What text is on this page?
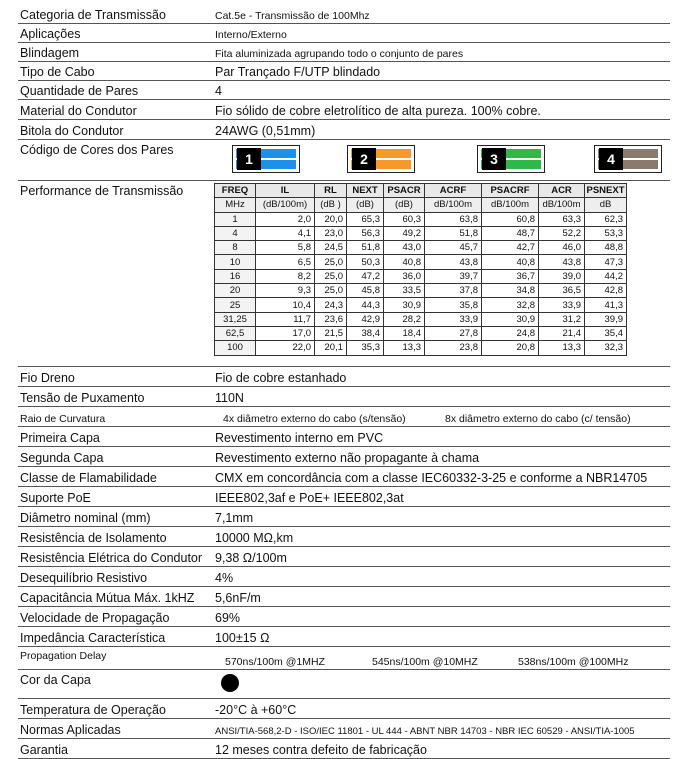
Categoria de Transmissão	Cat.5e - Transmissão de 100Mhz
Aplicações	Interno/Externo
Blindagem	Fita aluminizada agrupando todo o conjunto de pares
Tipo de Cabo	Par Trançado F/UTP blindado
Quantidade de Pares	4
Material do Condutor	Fio sólido de cobre eletrolítico de alta pureza. 100% cobre.
Bitola do Condutor	24AWG (0,51mm)
Código de Cores dos Pares
1	2	3	4
Performance de Transmissão	FREQ	IL	RL	NEXT	PSACR	ACRF	PSACRF	ACR	PSNEXT
MHz	(dB/100m)	(dB )	(dB)	(dB)	dB/100m	dB/100m	dB/100m	dB
1	2,0	20,0	65,3	60,3	63,8	60,8	63,3	62,3
4	4,1	23,0	56,3	49,2	51,8	48,7	52,2	53,3
8	5,8	24,5	51,8	43,0	45,7	42,7	46,0	48,8
10	6,5	25,0	50,3	40,8	43,8	40,8	43,8	47,3
16	8,2	25,0	47,2	36,0	39,7	36,7	39,0	44,2
20	9,3	25,0	45,8	33,5	37,8	34,8	36,5	42,8
25	10,4	24,3	44,3	30,9	35,8	32,8	33,9	41,3
31,25	11,7	23,6	42,9	28,2	33,9	30,9	31,2	39,9
62,5	17,0	21,5	38,4	18,4	27,8	24,8	21,4	35,4
100	22,0	20,1	35,3	13,3	23,8	20,8	13,3	32,3
Fio Dreno	Fio de cobre estanhado
Tensão de Puxamento	110N
Raio de Curvatura	4x diâmetro externo do cabo (s/tensão)	8x diâmetro externo do cabo (c/ tensão)
Primeira Capa	Revestimento interno em PVC
Segunda Capa	Revestimento externo não propagante à chama
Classe de Flamabilidade	CMX em concordância com a classe IEC60332-3-25 e conforme a NBR14705
Suporte PoE	IEEE802,3af e PoE+ IEEE802,3at
Diâmetro nominal (mm)	7,1mm
Resistência de Isolamento	10000 MΩ,km
Resistência Elétrica do Condutor 9,38 Ω/100m
Desequilíbrio Resistivo	4%
Capacitância Mútua Máx. 1kHZ 5,6nF/m
Velocidade de Propagação	69%
Impedância Característica	100±15 Ω
Propagation Delay	570ns/100m @1MHZ	545ns/100m @10MHZ	538ns/100m @100MHz
Cor da Capa
Temperatura de Operação	-20°C à +60°C
Normas Aplicadas	ANSI/TIA-568,2-D - ISO/IEC 11801 - UL 444 - ABNT NBR 14703 - NBR IEC 60529 - ANSI/TIA-1005
Garantia	12 meses contra defeito de fabricação
